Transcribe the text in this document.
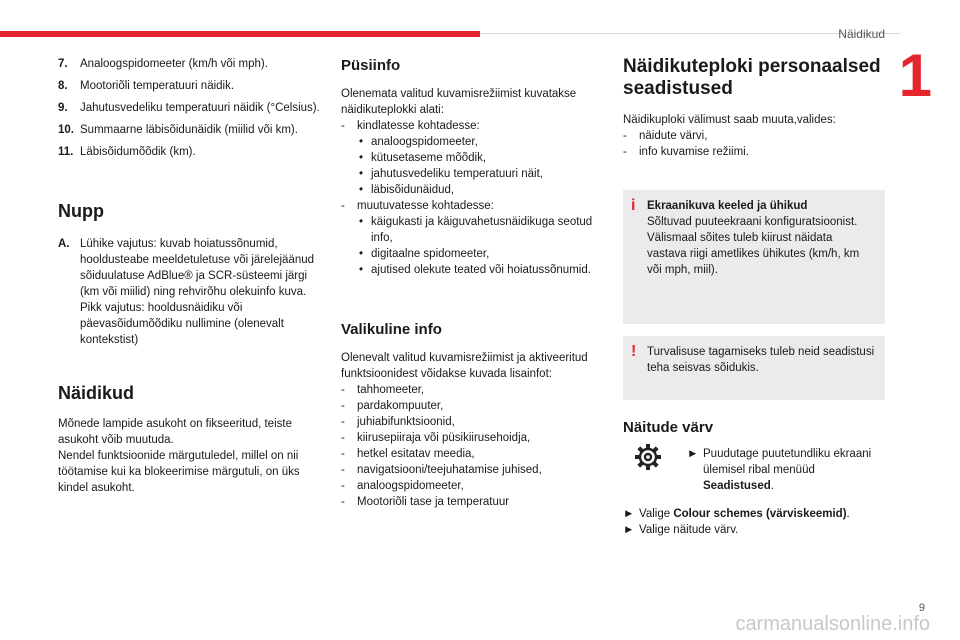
Näidikud
1
7.	Analoogspidomeeter (km/h või mph).
8.	Mootoriõli temperatuuri näidik.
9.	Jahutusvedeliku temperatuuri näidik (°Celsius).
10. Summaarne läbisõidunäidik (miilid või km).
11. Läbisõidumõõdik (km).
Nupp
A. Lühike vajutus: kuvab hoiatussõnumid, hooldusteabe meeldetuletuse või järelejäänud sõiduulatuse AdBlue® ja SCR-süsteemi järgi (km või miilid) ning rehvirõhu olekuinfo kuva.

Pikk vajutus: hooldusnäidiku või päevasõidumõõdiku nullimine (olenevalt kontekstist)

Näidikud

Mõnede lampide asukoht on fikseeritud, teiste asukoht võib muutuda.

Nendel funktsioonide märgutuledel, millel on nii töötamise kui ka blokeerimise märgutuli, on üks kindel asukoht.

Püsiinfo

Olenemata valitud kuvamisrežiimist kuvatakse näidikuteplokki alati:

-	kindlatesse kohtadesse:
• analoogspidomeeter,
• kütusetaseme mõõdik,
• jahutusvedeliku temperatuuri näit,
• läbisõidunäidud,
-	muutuvatesse kohtadesse:
• käigukasti ja käiguvahetusnäidikuga seotud info,
• digitaalne spidomeeter,
• ajutised olekute teated või hoiatussõnumid.
Valikuline info

Olenevalt valitud kuvamisrežiimist ja aktiveeritud funktsioonidest võidakse kuvada lisainfot:

-	tahhomeeter,
-	pardakompuuter,
-	juhiabifunktsioonid,
-	kiirusepiiraja või püsikiirusehoidja,
-	hetkel esitatav meedia,
-	navigatsiooni/teejuhatamise juhised,
-	analoogspidomeeter,
-	Mootoriõli tase ja temperatuur
Näidikuteploki personaalsed seadistused

Näidikuploki välimust saab muuta,valides:

-	näidute värvi,
-	info kuvamise režiimi.
i Ekraanikuva keeled ja ühikud

Sõltuvad puuteekraani konfiguratsioonist. Välismaal sõites tuleb kiirust näidata vastava riigi ametlikes ühikutes (km/h, km või mph, miil).

! Turvalisuse tagamiseks tuleb neid seadistusi teha seisvas sõidukis.

Näitude värv
► Puudutage puutetundliku ekraani ülemisel ribal menüüd Seadistused.
► Valige Colour schemes (värviskeemid).
► Valige näitude värv.
9
carmanualsonline.info
